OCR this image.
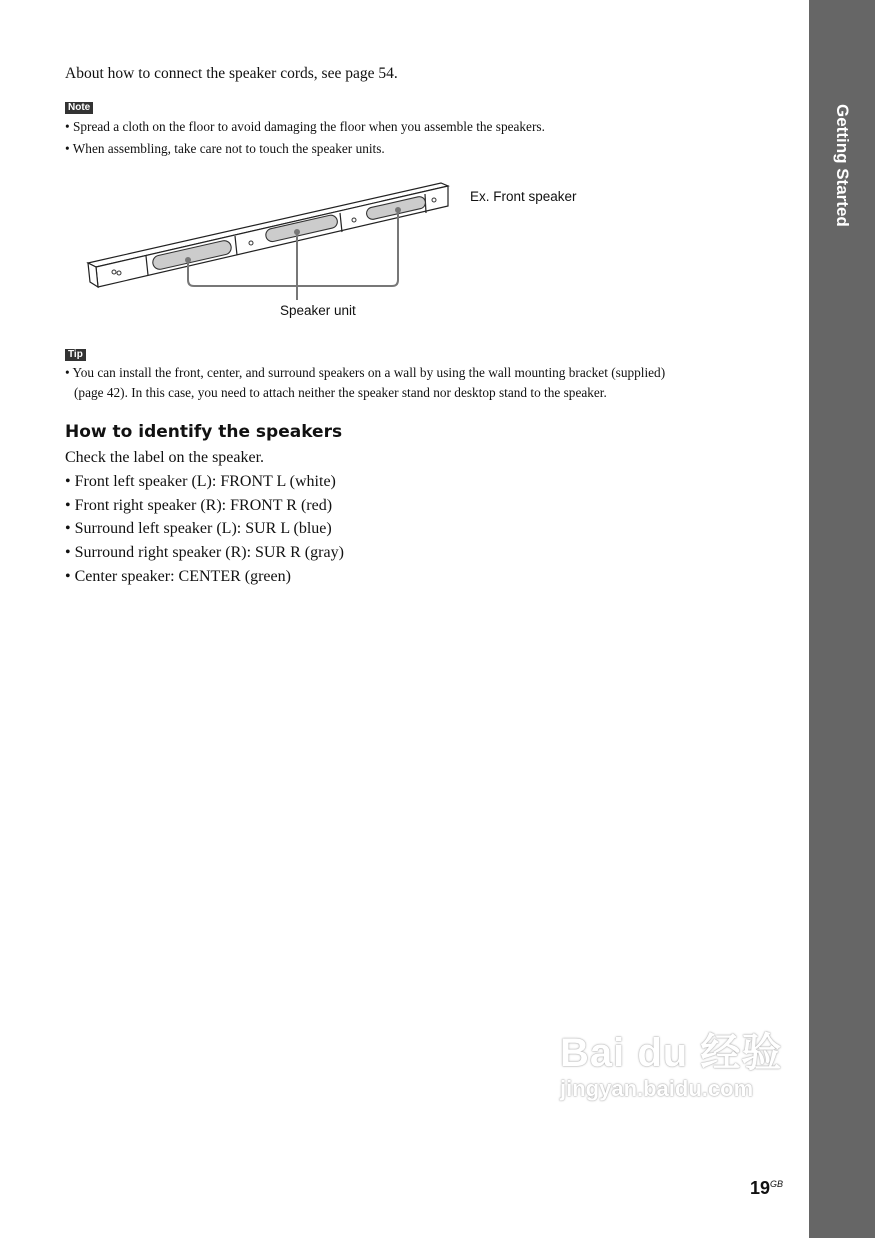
About how to connect the speaker cords, see page 54.
Note
• Spread a cloth on the floor to avoid damaging the floor when you assemble the speakers.
• When assembling, take care not to touch the speaker units.
Ex. Front speaker
Speaker unit
Tip
• You can install the front, center, and surround speakers on a wall by using the wall mounting bracket (supplied)
(page 42). In this case, you need to attach neither the speaker stand nor desktop stand to the speaker.
How to identify the speakers
Check the label on the speaker.
• Front left speaker (L): FRONT L (white)
• Front right speaker (R): FRONT R (red)
• Surround left speaker (L): SUR L (blue)
• Surround right speaker (R): SUR R (gray)
• Center speaker: CENTER (green)
Getting Started
Bai du 经验
jingyan.baidu.com
$19^{GB}$
